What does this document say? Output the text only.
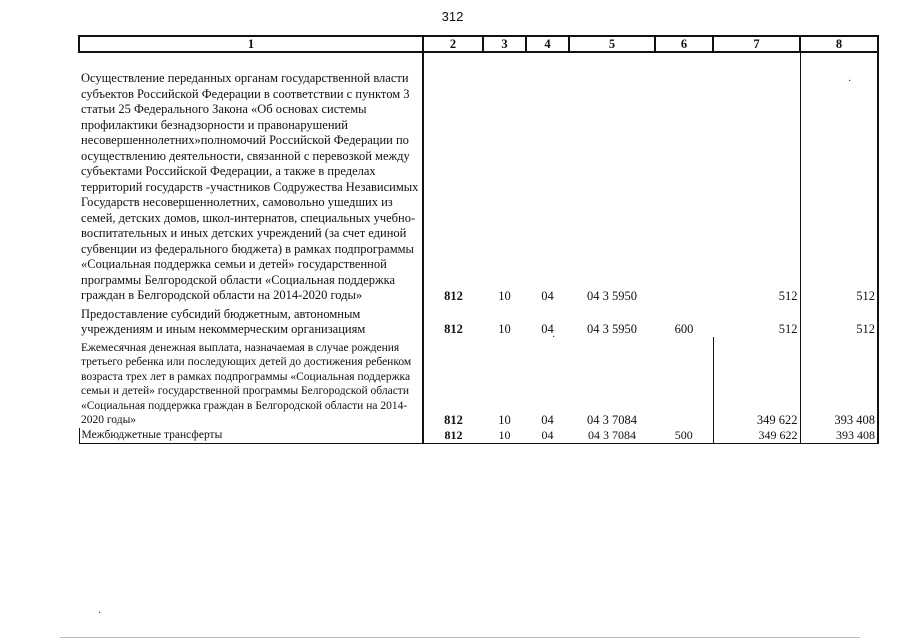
312
1	2	3	4	5	6	7	8
Осуществление переданных органам государственной власти субъектов Российской Федерации в соответствии с пунктом 3 статьи 25 Федерального Закона «Об основах системы профилактики безнадзорности и правонарушений несовершеннолетних»полномочий Российской Федерации по осуществлению деятельности, связанной с перевозкой между субъектами Российской Федерации, а также в пределах территорий государств -участников Содружества Независимых Государств несовершеннолетних, самовольно ушедших из семей, детских домов, школ-интернатов, специальных учебно-воспитательных и иных детских учреждений (за счет единой субвенции из федерального бюджета) в рамках подпрограммы «Социальная поддержка семьи и детей» государственной программы Белгородской области «Социальная поддержка граждан в Белгородской области на 2014-2020 годы»	812	10	04	04 3 5950		512	512
Предоставление субсидий бюджетным, автономным учреждениям и иным некоммерческим организациям	812	10	04	04 3 5950	600	512	512
Ежемесячная денежная выплата, назначаемая в случае рождения третьего ребенка или последующих детей до достижения ребенком возраста трех лет в рамках подпрограммы «Социальная поддержка семьи и детей» государственной программы Белгородской области «Социальная поддержка граждан в Белгородской области на 2014-2020 годы»	812	10	04	04 3 7084		349 622	393 408
Межбюджетные трансферты	812	10	04	04 3 7084	500	349 622	393 408
·
·
·
